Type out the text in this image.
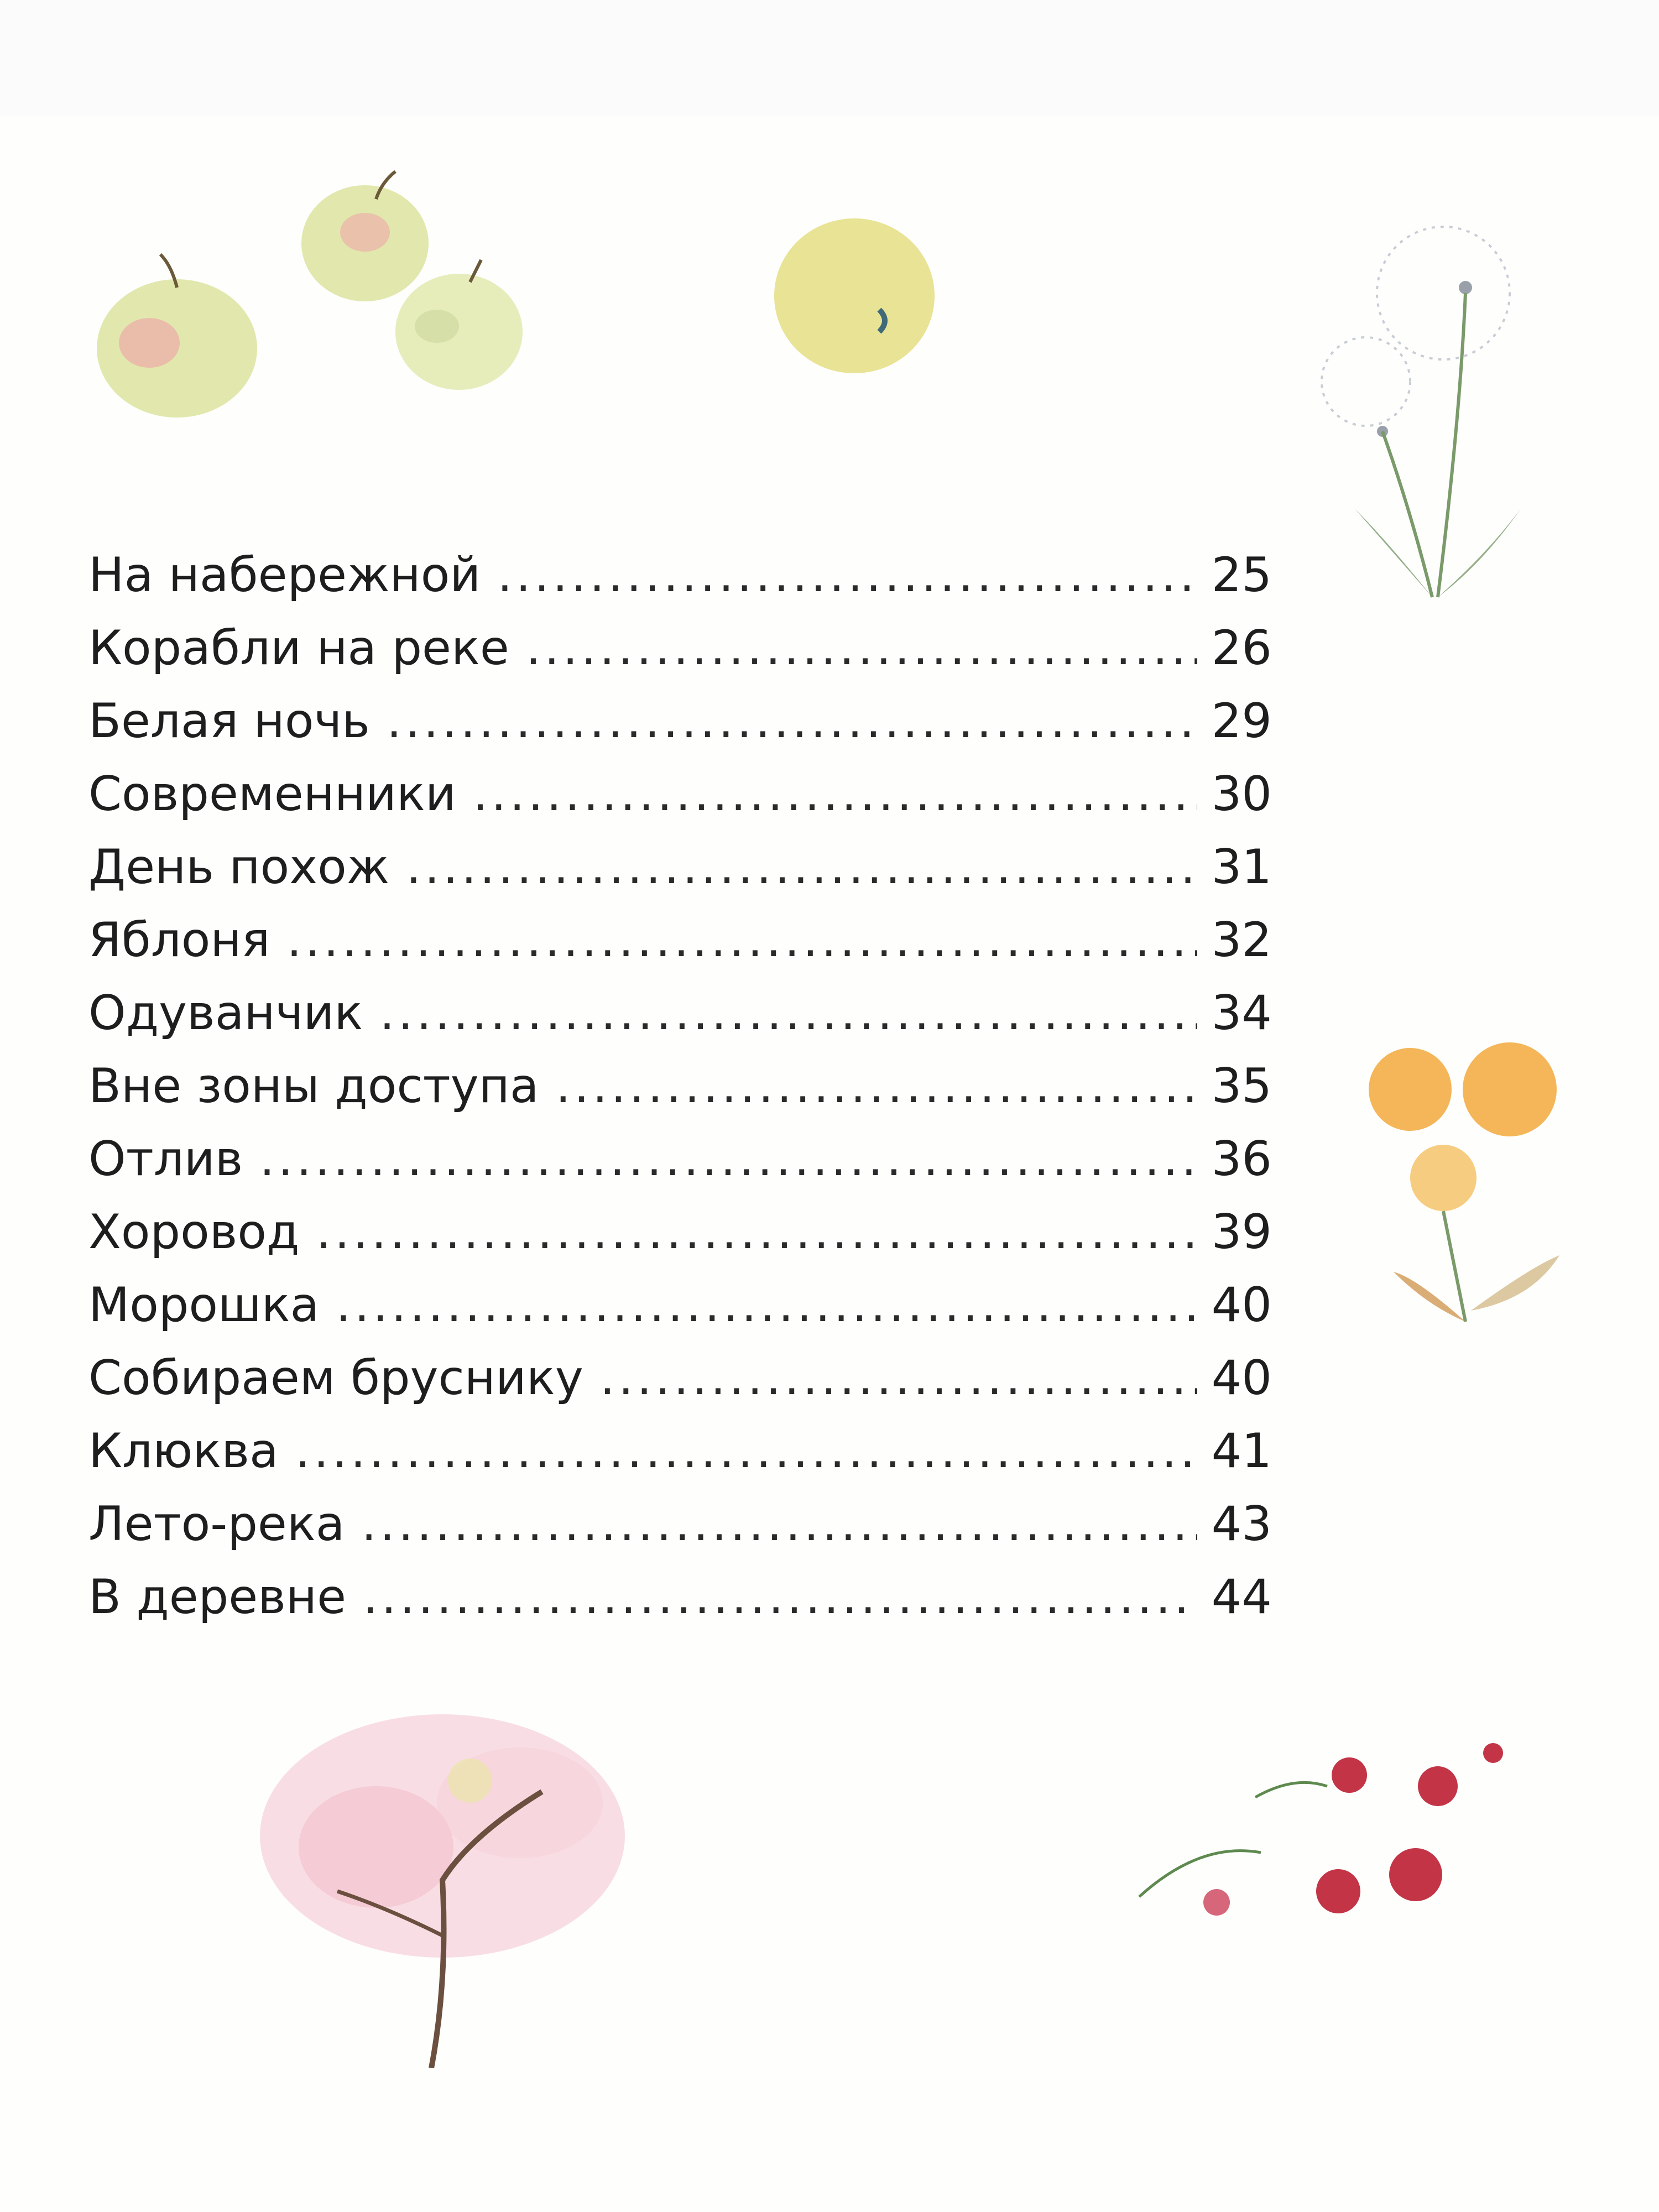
На набережной .....	25
Корабли на реке .....	26
Белая ночь .....	29
Современники .....	30
День похож .....	31
Яблоня .....	32
Одуванчик .....	34
Вне зоны доступа .....	35
Отлив .....	36
Хоровод .....	39
Морошка .....	40
Собираем бруснику .....	40
Клюква .....	41
Лето-река .....	43
В деревне .....	44
